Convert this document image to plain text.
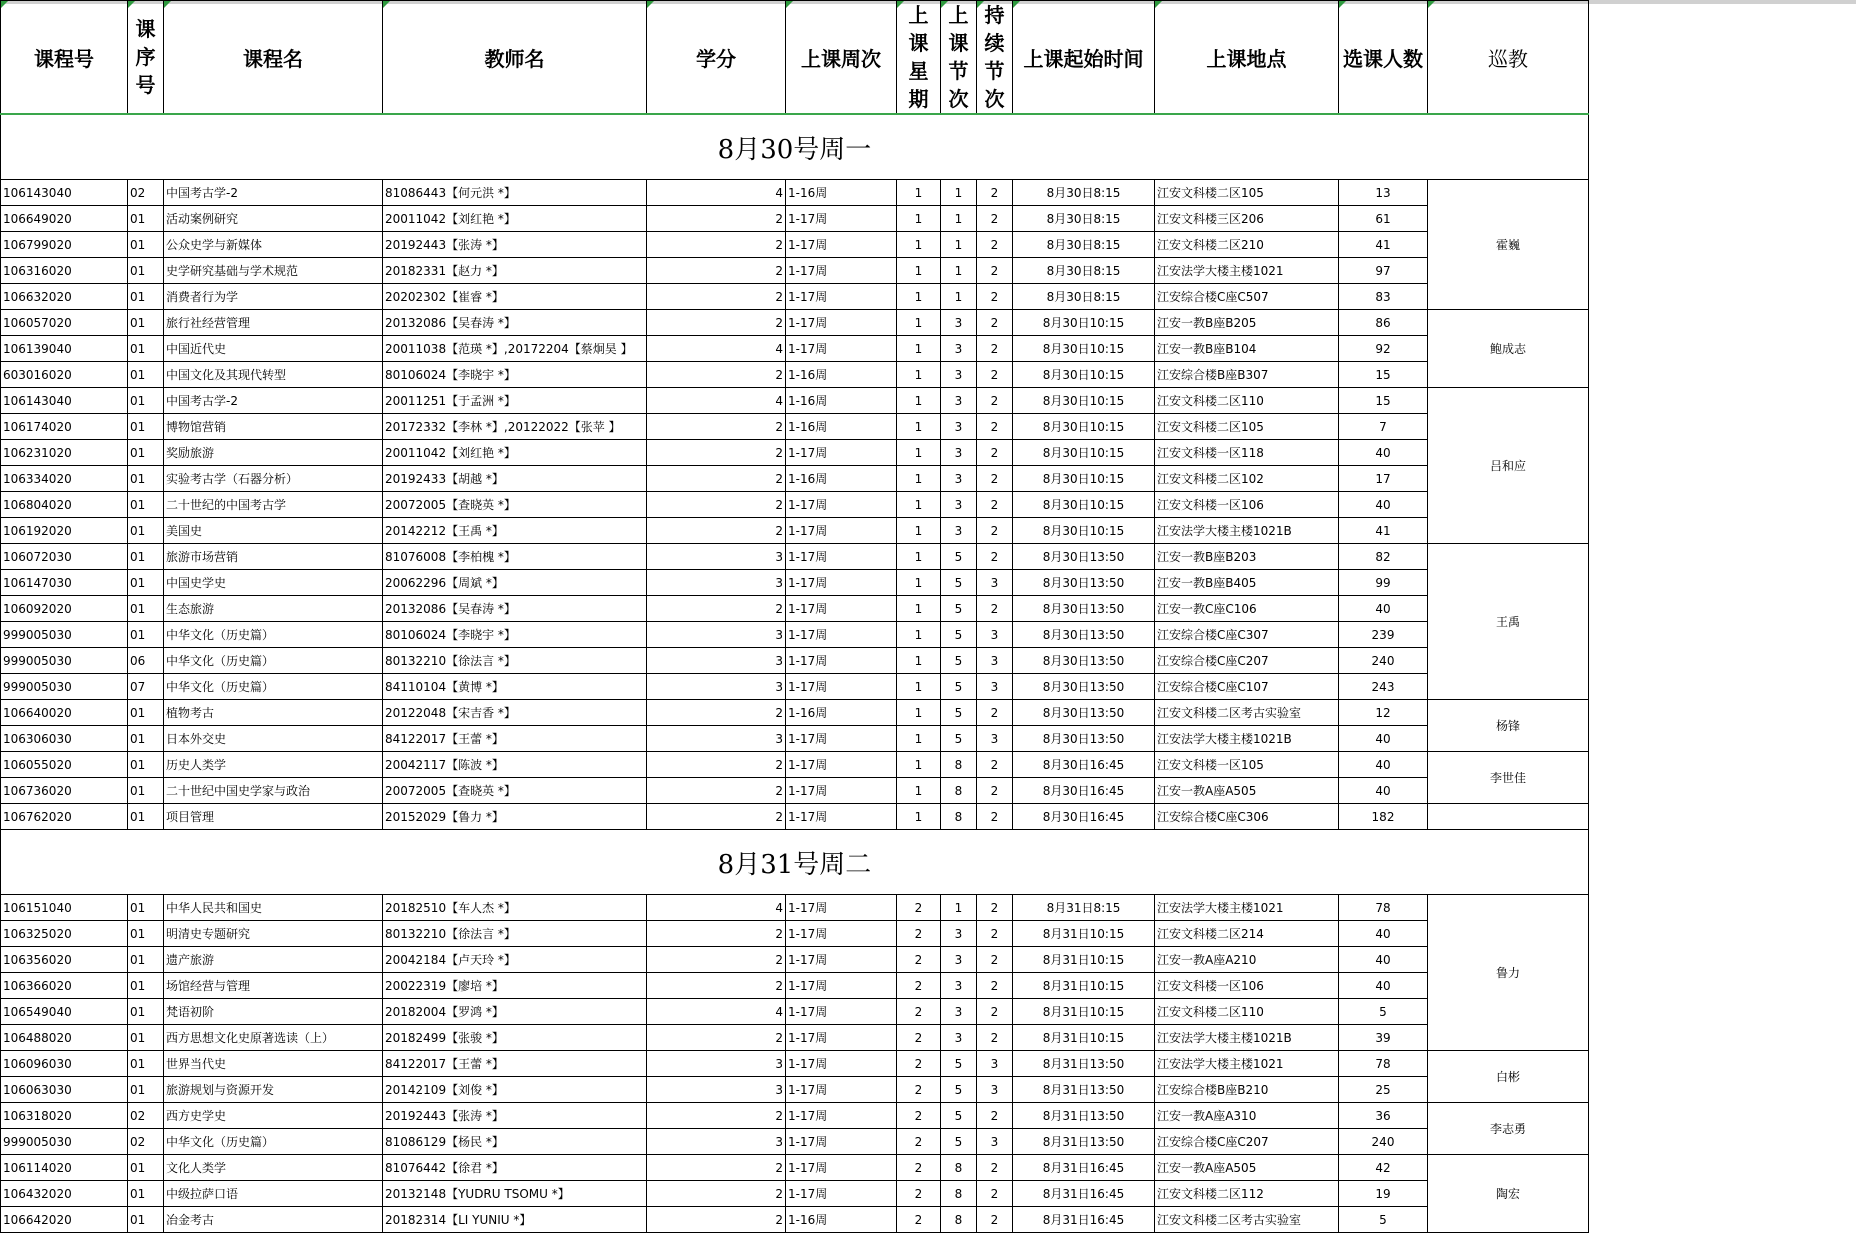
课程号	课序号	课程名	教师名	学分	上课周次	上课星期	上课节次	持续节次	上课起始时间	上课地点	选课人数	巡教
8月30号周一												
106143040	02	中国考古学-2	81086443【何元洪 *】	4	1-16周	1	1	2	8月30日8:15	江安文科楼二区105	13	霍巍
106649020	01	活动案例研究	20011042【刘红艳 *】	2	1-17周	1	1	2	8月30日8:15	江安文科楼三区206	61	
106799020	01	公众史学与新媒体	20192443【张涛 *】	2	1-17周	1	1	2	8月30日8:15	江安文科楼二区210	41	
106316020	01	史学研究基础与学术规范	20182331【赵力 *】	2	1-17周	1	1	2	8月30日8:15	江安法学大楼主楼1021	97	
106632020	01	消费者行为学	20202302【崔睿 *】	2	1-17周	1	1	2	8月30日8:15	江安综合楼C座C507	83	
106057020	01	旅行社经营管理	20132086【吴春涛 *】	2	1-17周	1	3	2	8月30日10:15	江安一教B座B205	86	鲍成志
106139040	01	中国近代史	20011038【范瑛 *】,20172204【蔡炯昊 】	4	1-17周	1	3	2	8月30日10:15	江安一教B座B104	92	
603016020	01	中国文化及其现代转型	80106024【李晓宇 *】	2	1-16周	1	3	2	8月30日10:15	江安综合楼B座B307	15	
106143040	01	中国考古学-2	20011251【于孟洲 *】	4	1-16周	1	3	2	8月30日10:15	江安文科楼二区110	15	吕和应
106174020	01	博物馆营销	20172332【李林 *】,20122022【张苹 】	2	1-16周	1	3	2	8月30日10:15	江安文科楼二区105	7	
106231020	01	奖励旅游	20011042【刘红艳 *】	2	1-17周	1	3	2	8月30日10:15	江安文科楼一区118	40	
106334020	01	实验考古学（石器分析）	20192433【胡越 *】	2	1-16周	1	3	2	8月30日10:15	江安文科楼二区102	17	
106804020	01	二十世纪的中国考古学	20072005【查晓英 *】	2	1-17周	1	3	2	8月30日10:15	江安文科楼一区106	40	
106192020	01	美国史	20142212【王禹 *】	2	1-17周	1	3	2	8月30日10:15	江安法学大楼主楼1021B	41	
106072030	01	旅游市场营销	81076008【李柏槐 *】	3	1-17周	1	5	2	8月30日13:50	江安一教B座B203	82	王禹
106147030	01	中国史学史	20062296【周斌 *】	3	1-17周	1	5	3	8月30日13:50	江安一教B座B405	99	
106092020	01	生态旅游	20132086【吴春涛 *】	2	1-17周	1	5	2	8月30日13:50	江安一教C座C106	40	
999005030	01	中华文化（历史篇）	80106024【李晓宇 *】	3	1-17周	1	5	3	8月30日13:50	江安综合楼C座C307	239	
999005030	06	中华文化（历史篇）	80132210【徐法言 *】	3	1-17周	1	5	3	8月30日13:50	江安综合楼C座C207	240	
999005030	07	中华文化（历史篇）	84110104【黄博 *】	3	1-17周	1	5	3	8月30日13:50	江安综合楼C座C107	243	
106640020	01	植物考古	20122048【宋吉香 *】	2	1-16周	1	5	2	8月30日13:50	江安文科楼二区考古实验室	12	杨锋
106306030	01	日本外交史	84122017【王蕾 *】	3	1-17周	1	5	3	8月30日13:50	江安法学大楼主楼1021B	40	
106055020	01	历史人类学	20042117【陈波 *】	2	1-17周	1	8	2	8月30日16:45	江安文科楼一区105	40	李世佳
106736020	01	二十世纪中国史学家与政治	20072005【查晓英 *】	2	1-17周	1	8	2	8月30日16:45	江安一教A座A505	40	
106762020	01	项目管理	20152029【鲁力 *】	2	1-17周	1	8	2	8月30日16:45	江安综合楼C座C306	182	
8月31号周二												
106151040	01	中华人民共和国史	20182510【车人杰 *】	4	1-17周	2	1	2	8月31日8:15	江安法学大楼主楼1021	78	鲁力
106325020	01	明清史专题研究	80132210【徐法言 *】	2	1-17周	2	3	2	8月31日10:15	江安文科楼二区214	40	
106356020	01	遗产旅游	20042184【卢天玲 *】	2	1-17周	2	3	2	8月31日10:15	江安一教A座A210	40	
106366020	01	场馆经营与管理	20022319【廖培 *】	2	1-17周	2	3	2	8月31日10:15	江安文科楼一区106	40	
106549040	01	梵语初阶	20182004【罗鸿 *】	4	1-17周	2	3	2	8月31日10:15	江安文科楼二区110	5	
106488020	01	西方思想文化史原著选读（上）	20182499【张骏 *】	2	1-17周	2	3	2	8月31日10:15	江安法学大楼主楼1021B	39	
106096030	01	世界当代史	84122017【王蕾 *】	3	1-17周	2	5	3	8月31日13:50	江安法学大楼主楼1021	78	白彬
106063030	01	旅游规划与资源开发	20142109【刘俊 *】	3	1-17周	2	5	3	8月31日13:50	江安综合楼B座B210	25	
106318020	02	西方史学史	20192443【张涛 *】	2	1-17周	2	5	2	8月31日13:50	江安一教A座A310	36	李志勇
999005030	02	中华文化（历史篇）	81086129【杨民 *】	3	1-17周	2	5	3	8月31日13:50	江安综合楼C座C207	240	
106114020	01	文化人类学	81076442【徐君 *】	2	1-17周	2	8	2	8月31日16:45	江安一教A座A505	42	陶宏
106432020	01	中级拉萨口语	20132148【YUDRU TSOMU *】	2	1-17周	2	8	2	8月31日16:45	江安文科楼二区112	19	
106642020	01	冶金考古	20182314【LI YUNIU *】	2	1-16周	2	8	2	8月31日16:45	江安文科楼二区考古实验室	5	
